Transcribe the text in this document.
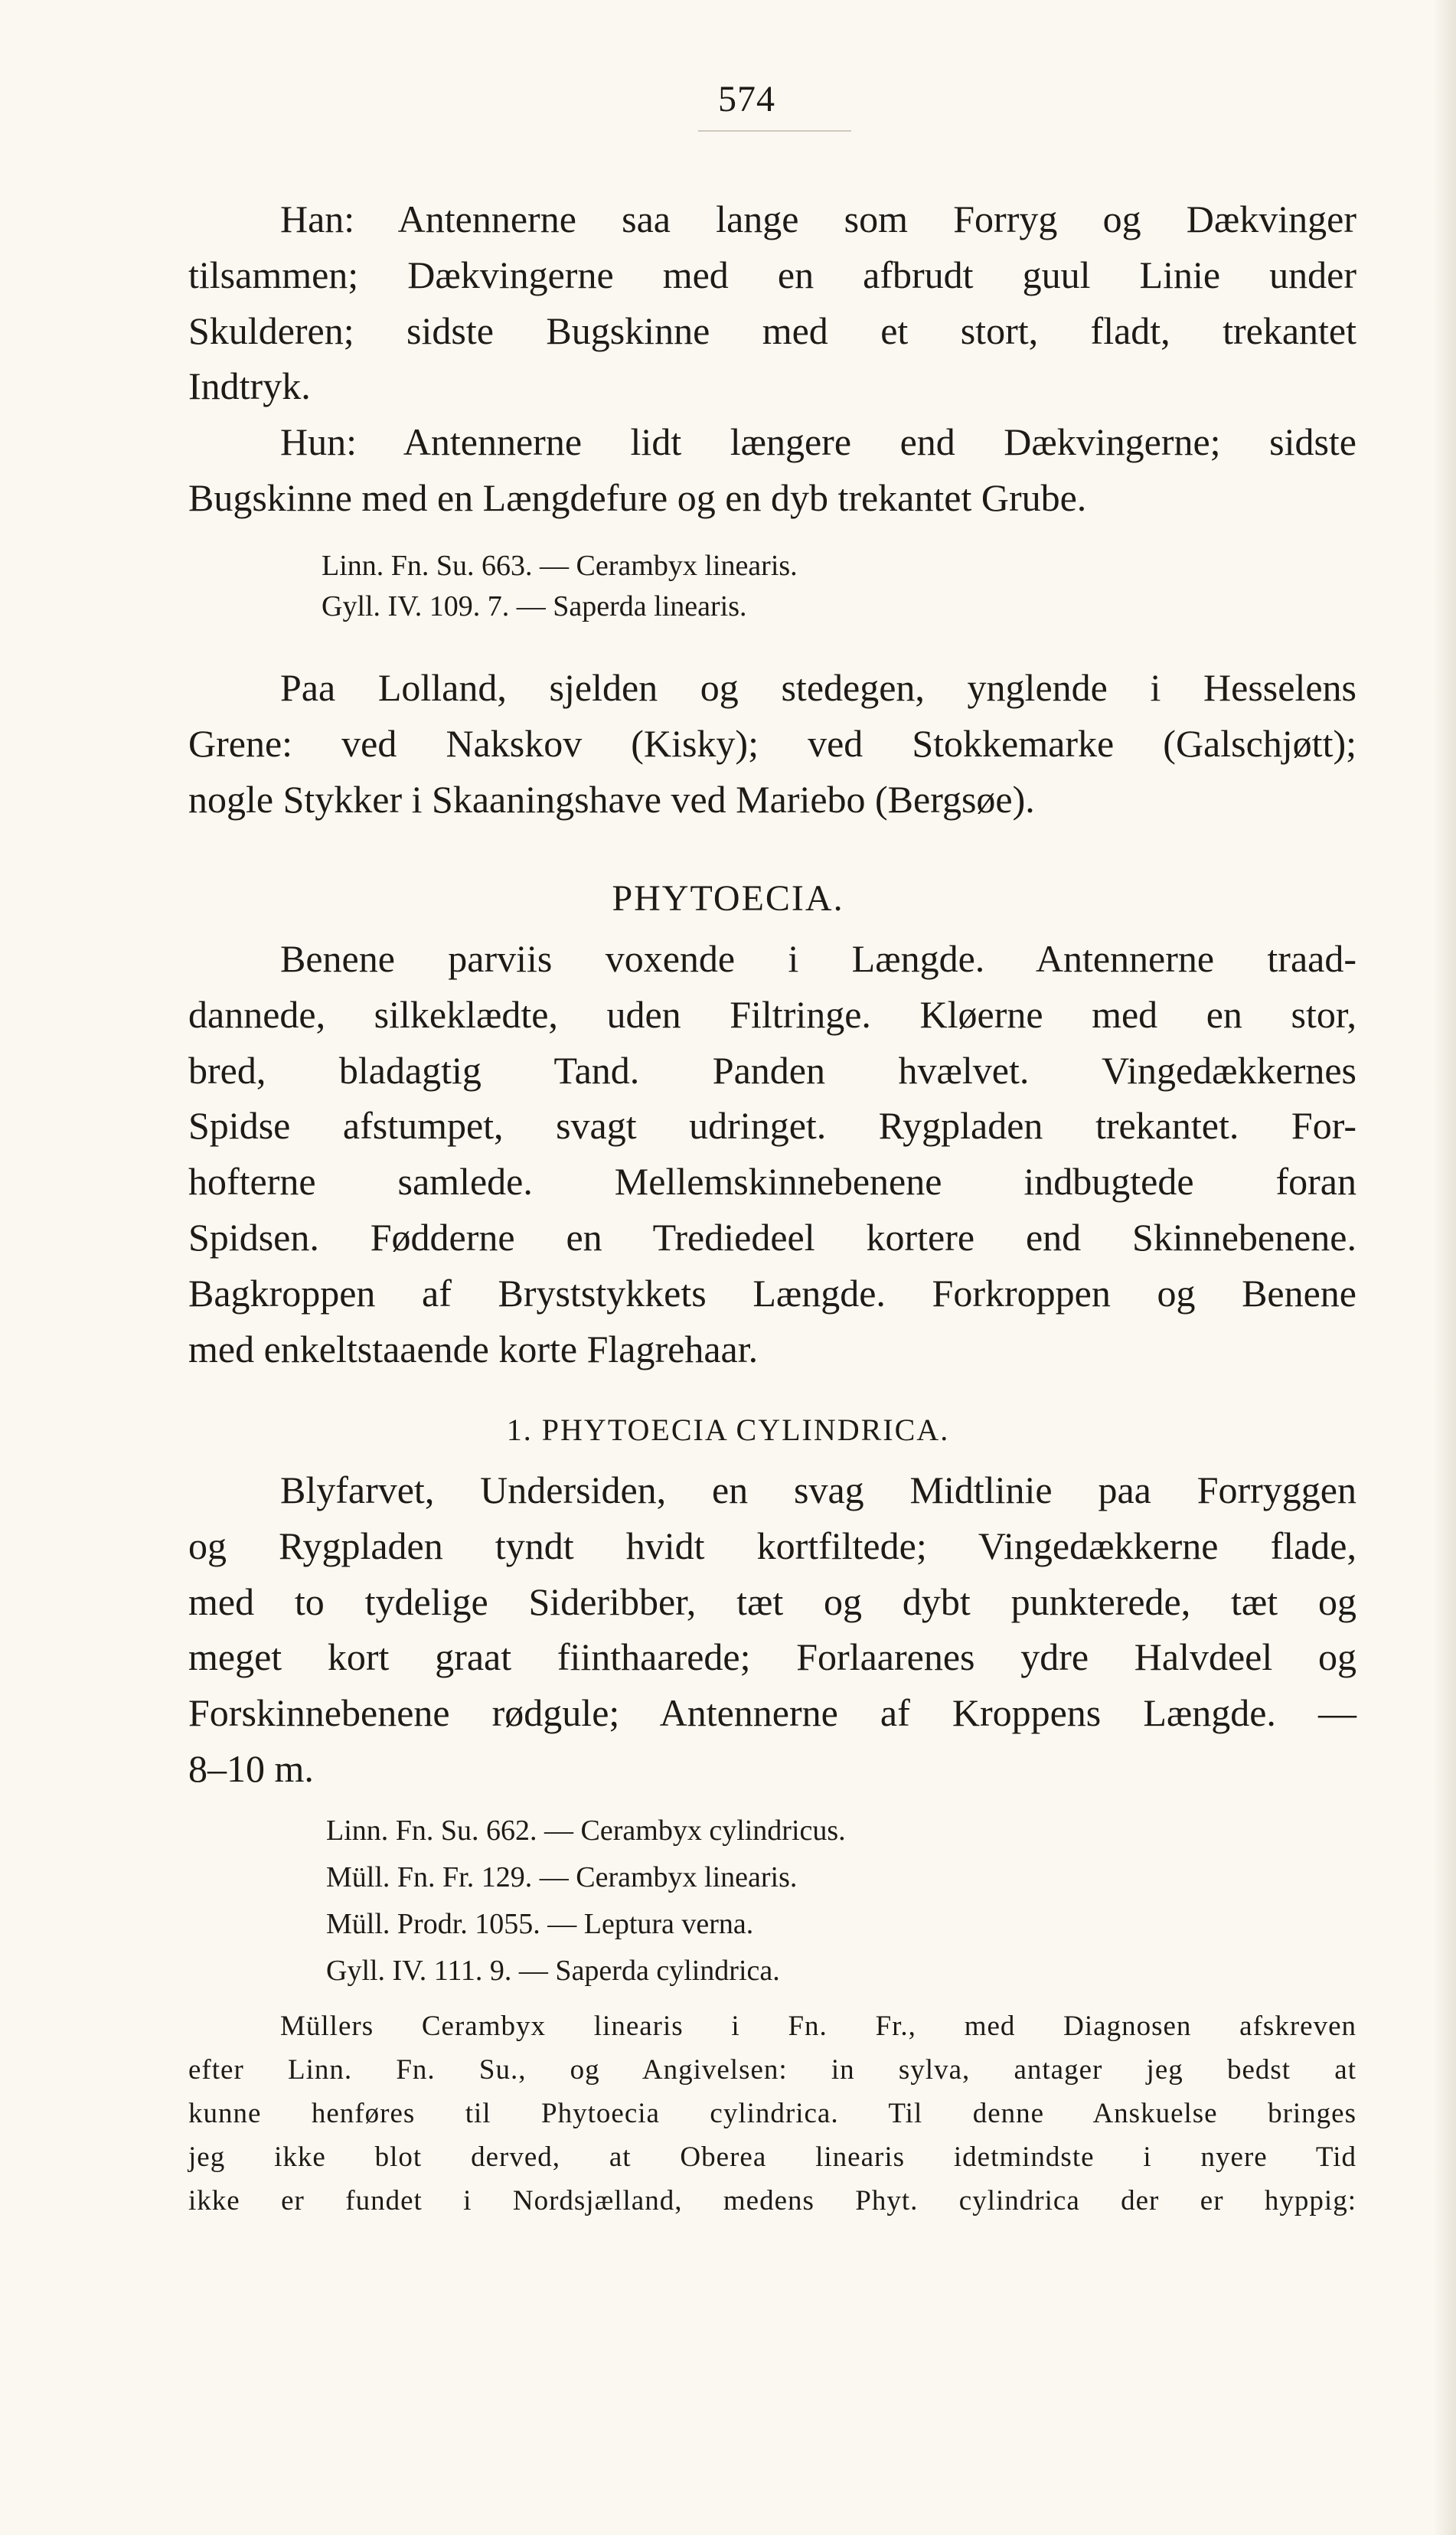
574

Han: Antennerne saa lange som Forryg og Dækvinger
tilsammen; Dækvingerne med en afbrudt guul Linie under
Skulderen; sidste Bugskinne med et stort, fladt, trekantet
Indtryk.

Hun: Antennerne lidt længere end Dækvingerne; sidste
Bugskinne med en Længdefure og en dyb trekantet Grube.

Linn. Fn. Su. 663. — Cerambyx linearis.
Gyll. IV. 109. 7. — Saperda linearis.

Paa Lolland, sjelden og stedegen, ynglende i Hesselens
Grene: ved Nakskov (Kisky); ved Stokkemarke (Galschjøtt);
nogle Stykker i Skaaningshave ved Mariebo (Bergsøe).

PHYTOECIA.

Benene parviis voxende i Længde. Antennerne traad-
dannede, silkeklædte, uden Filtringe. Kløerne med en stor,
bred, bladagtig Tand. Panden hvælvet. Vingedækkernes
Spidse afstumpet, svagt udringet. Rygpladen trekantet. For-
hofterne samlede. Mellemskinnebenene indbugtede foran
Spidsen. Fødderne en Trediedeel kortere end Skinnebenene.
Bagkroppen af Bryststykkets Længde. Forkroppen og Benene
med enkeltstaaende korte Flagrehaar.

1. PHYTOECIA CYLINDRICA.

Blyfarvet, Undersiden, en svag Midtlinie paa Forryggen
og Rygpladen tyndt hvidt kortfiltede; Vingedækkerne flade,
med to tydelige Sideribber, tæt og dybt punkterede, tæt og
meget kort graat fiinthaarede; Forlaarenes ydre Halvdeel og
Forskinnebenene rødgule; Antennerne af Kroppens Længde. —
8–10 m.

Linn. Fn. Su. 662. — Cerambyx cylindricus.
Müll. Fn. Fr. 129. — Cerambyx linearis.
Müll. Prodr. 1055. — Leptura verna.
Gyll. IV. 111. 9. — Saperda cylindrica.
Müllers Cerambyx linearis i Fn. Fr., med Diagnosen afskreven
efter Linn. Fn. Su., og Angivelsen: in sylva, antager jeg bedst at
kunne henføres til Phytoecia cylindrica. Til denne Anskuelse bringes
jeg ikke blot derved, at Oberea linearis idetmindste i nyere Tid
ikke er fundet i Nordsjælland, medens Phyt. cylindrica der er hyppig:
